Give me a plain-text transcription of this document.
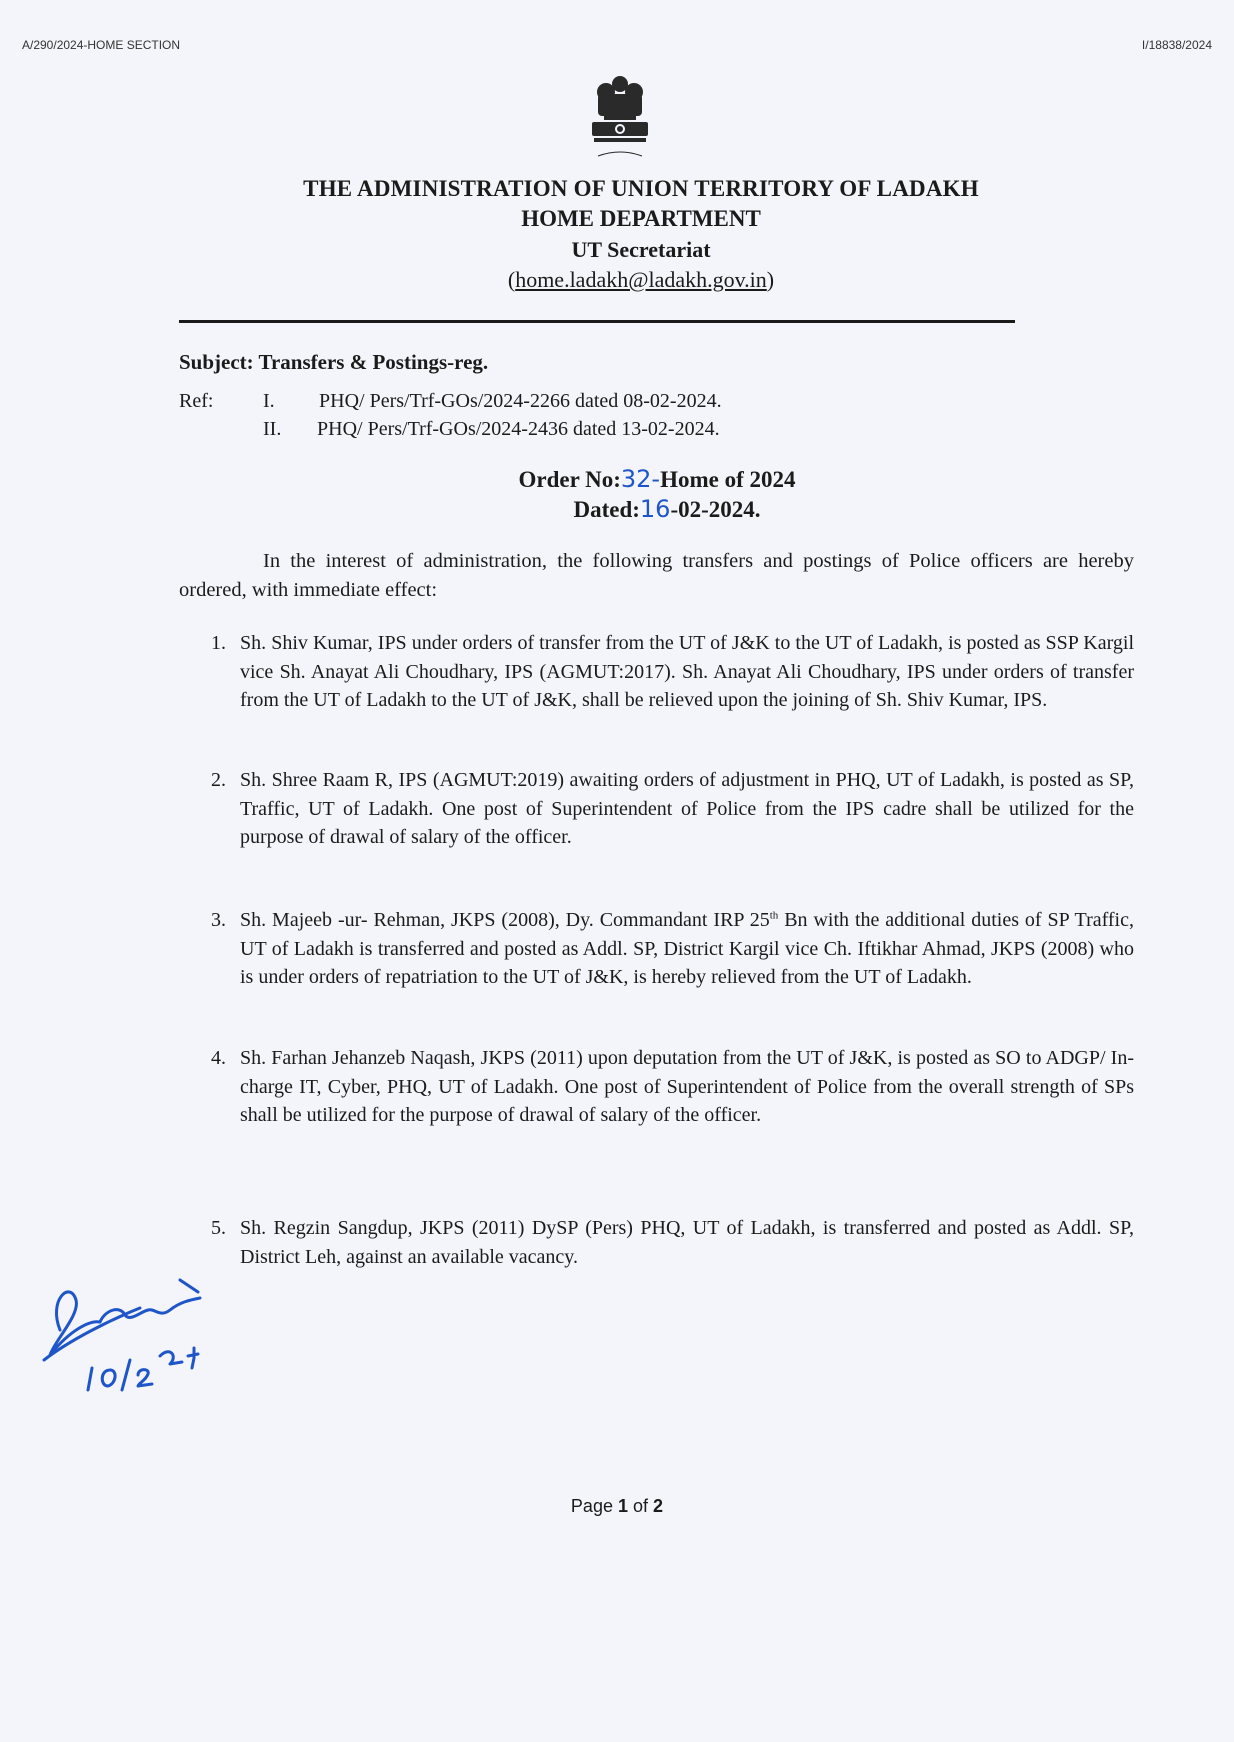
A/290/2024-HOME SECTION	I/18838/2024
THE ADMINISTRATION OF UNION TERRITORY OF LADAKH
HOME DEPARTMENT
UT Secretariat
(home.ladakh@ladakh.gov.in)
Subject: Transfers & Postings-reg.
Ref: I. PHQ/ Pers/Trf-GOs/2024-2266 dated 08-02-2024.
II. PHQ/ Pers/Trf-GOs/2024-2436 dated 13-02-2024.
Order No:32-Home of 2024
Dated:16-02-2024.
In the interest of administration, the following transfers and postings of Police officers are hereby ordered, with immediate effect:
1. Sh. Shiv Kumar, IPS under orders of transfer from the UT of J&K to the UT of Ladakh, is posted as SSP Kargil vice Sh. Anayat Ali Choudhary, IPS (AGMUT:2017). Sh. Anayat Ali Choudhary, IPS under orders of transfer from the UT of Ladakh to the UT of J&K, shall be relieved upon the joining of Sh. Shiv Kumar, IPS.
2. Sh. Shree Raam R, IPS (AGMUT:2019) awaiting orders of adjustment in PHQ, UT of Ladakh, is posted as SP, Traffic, UT of Ladakh. One post of Superintendent of Police from the IPS cadre shall be utilized for the purpose of drawal of salary of the officer.
3. Sh. Majeeb -ur- Rehman, JKPS (2008), Dy. Commandant IRP 25th Bn with the additional duties of SP Traffic, UT of Ladakh is transferred and posted as Addl. SP, District Kargil vice Ch. Iftikhar Ahmad, JKPS (2008) who is under orders of repatriation to the UT of J&K, is hereby relieved from the UT of Ladakh.
4. Sh. Farhan Jehanzeb Naqash, JKPS (2011) upon deputation from the UT of J&K, is posted as SO to ADGP/ In-charge IT, Cyber, PHQ, UT of Ladakh. One post of Superintendent of Police from the overall strength of SPs shall be utilized for the purpose of drawal of salary of the officer.
5. Sh. Regzin Sangdup, JKPS (2011) DySP (Pers) PHQ, UT of Ladakh, is transferred and posted as Addl. SP, District Leh, against an available vacancy.
Page 1 of 2
